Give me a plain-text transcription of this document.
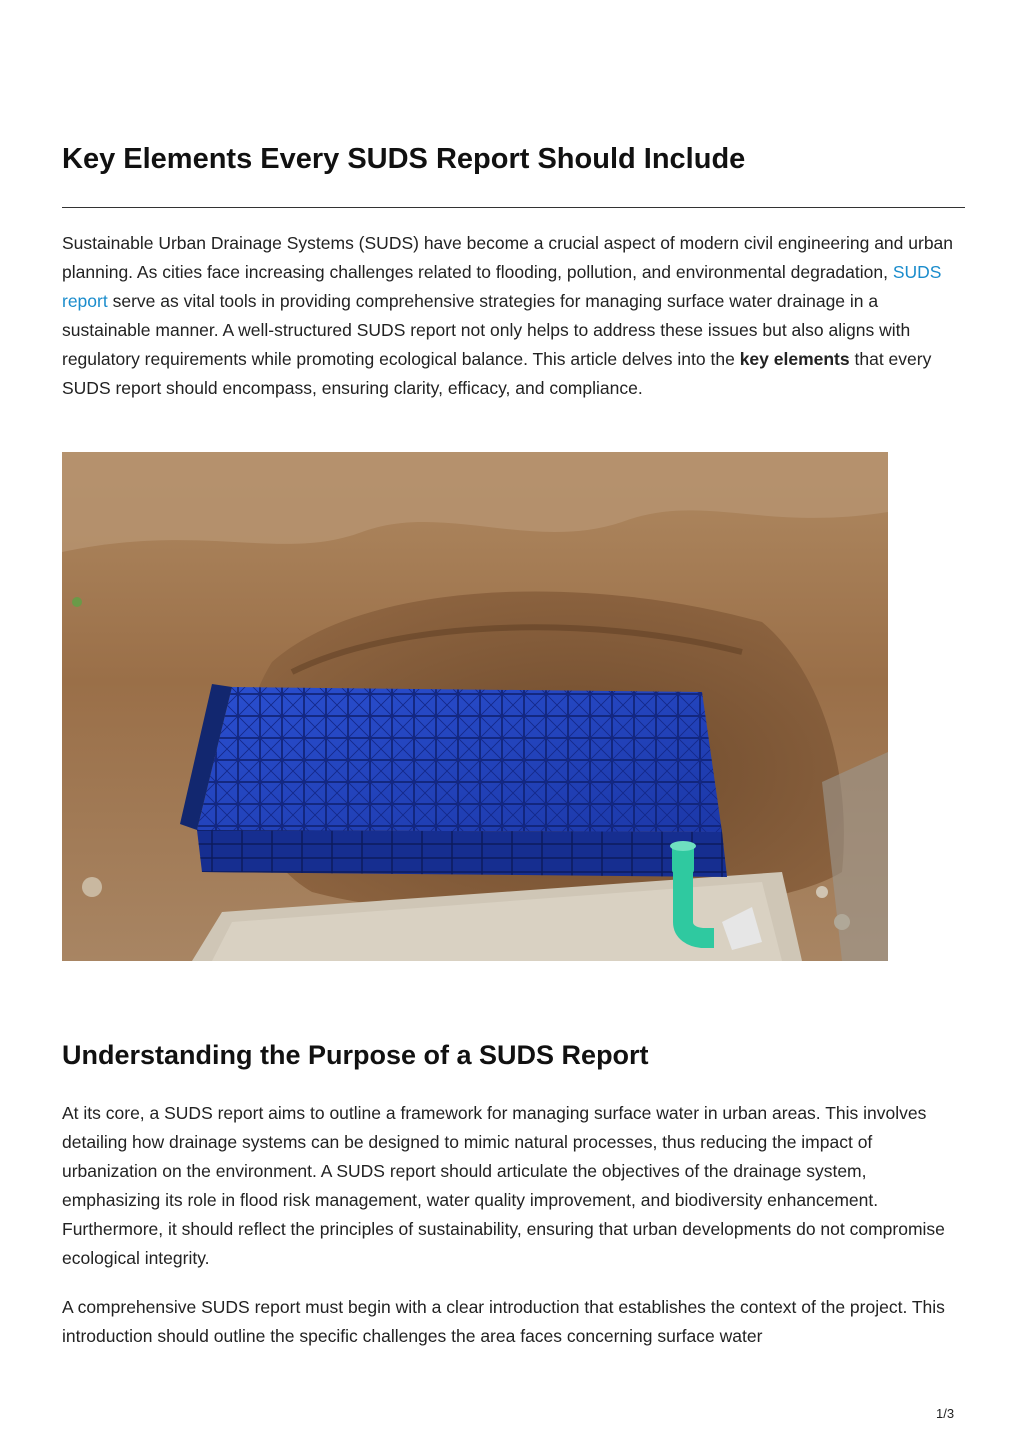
Key Elements Every SUDS Report Should Include

Sustainable Urban Drainage Systems (SUDS) have become a crucial aspect of modern civil engineering and urban planning. As cities face increasing challenges related to flooding, pollution, and environmental degradation, SUDS report serve as vital tools in providing comprehensive strategies for managing surface water drainage in a sustainable manner. A well-structured SUDS report not only helps to address these issues but also aligns with regulatory requirements while promoting ecological balance. This article delves into the key elements that every SUDS report should encompass, ensuring clarity, efficacy, and compliance.

Understanding the Purpose of a SUDS Report

At its core, a SUDS report aims to outline a framework for managing surface water in urban areas. This involves detailing how drainage systems can be designed to mimic natural processes, thus reducing the impact of urbanization on the environment. A SUDS report should articulate the objectives of the drainage system, emphasizing its role in flood risk management, water quality improvement, and biodiversity enhancement. Furthermore, it should reflect the principles of sustainability, ensuring that urban developments do not compromise ecological integrity.

A comprehensive SUDS report must begin with a clear introduction that establishes the context of the project. This introduction should outline the specific challenges the area faces concerning surface water

1/3
